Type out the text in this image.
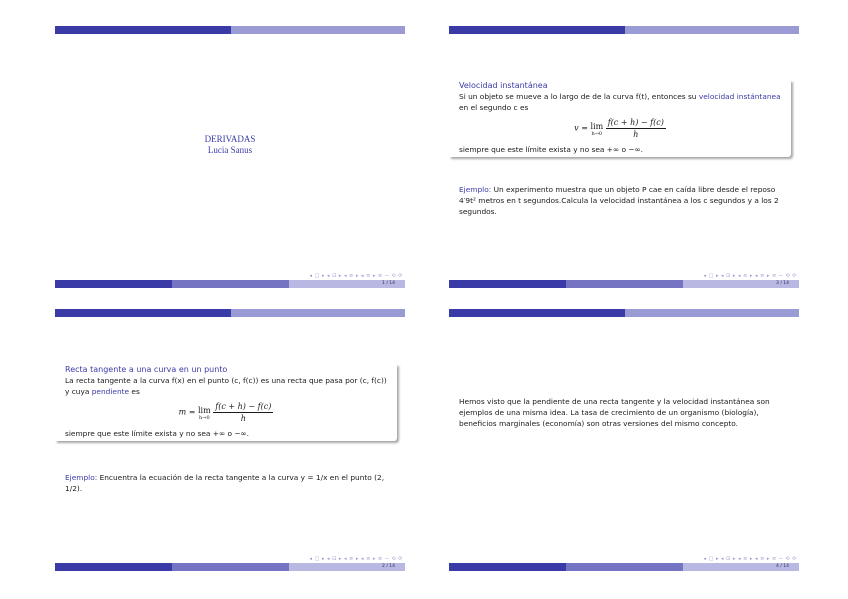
DERIVADAS
Lucia Sanus
◂ □ ▸ ◂ ⊡ ▸ ◂ ≡ ▸ ◂ ≡ ▸ ≡ ∽ ⟲ ⟳
1 / 14
Velocidad instantánea
Si un objeto se mueve a lo largo de de la curva f(t), entonces su velocidad instántanea en el segundo c es
v = lim
h→0
$\frac{f(c + h) - f(c)}{h}$
siempre que este límite exista y no sea +∞ o −∞.
Ejemplo: Un experimento muestra que un objeto P cae en caída libre desde el reposo 4′9t² metros en t segundos.Calcula la velocidad instantánea a los c segundos y a los 2 segundos.
◂ □ ▸ ◂ ⊡ ▸ ◂ ≡ ▸ ◂ ≡ ▸ ≡ ∽ ⟲ ⟳
3 / 14
Recta tangente a una curva en un punto
La recta tangente a la curva f(x) en el punto (c, f(c)) es una recta que pasa por (c, f(c)) y cuya pendiente es
m = lim
h→0
$\frac{f(c + h) - f(c)}{h}$
siempre que este límite exista y no sea +∞ o −∞.
Ejemplo: Encuentra la ecuación de la recta tangente a la curva y = 1/x en el punto (2, 1/2).
◂ □ ▸ ◂ ⊡ ▸ ◂ ≡ ▸ ◂ ≡ ▸ ≡ ∽ ⟲ ⟳
2 / 14
Hemos visto que la pendiente de una recta tangente y la velocidad instantánea son ejemplos de una misma idea. La tasa de crecimiento de un organismo (biología), beneficios marginales (economía) son otras versiones del mismo concepto.
◂ □ ▸ ◂ ⊡ ▸ ◂ ≡ ▸ ◂ ≡ ▸ ≡ ∽ ⟲ ⟳
4 / 14
